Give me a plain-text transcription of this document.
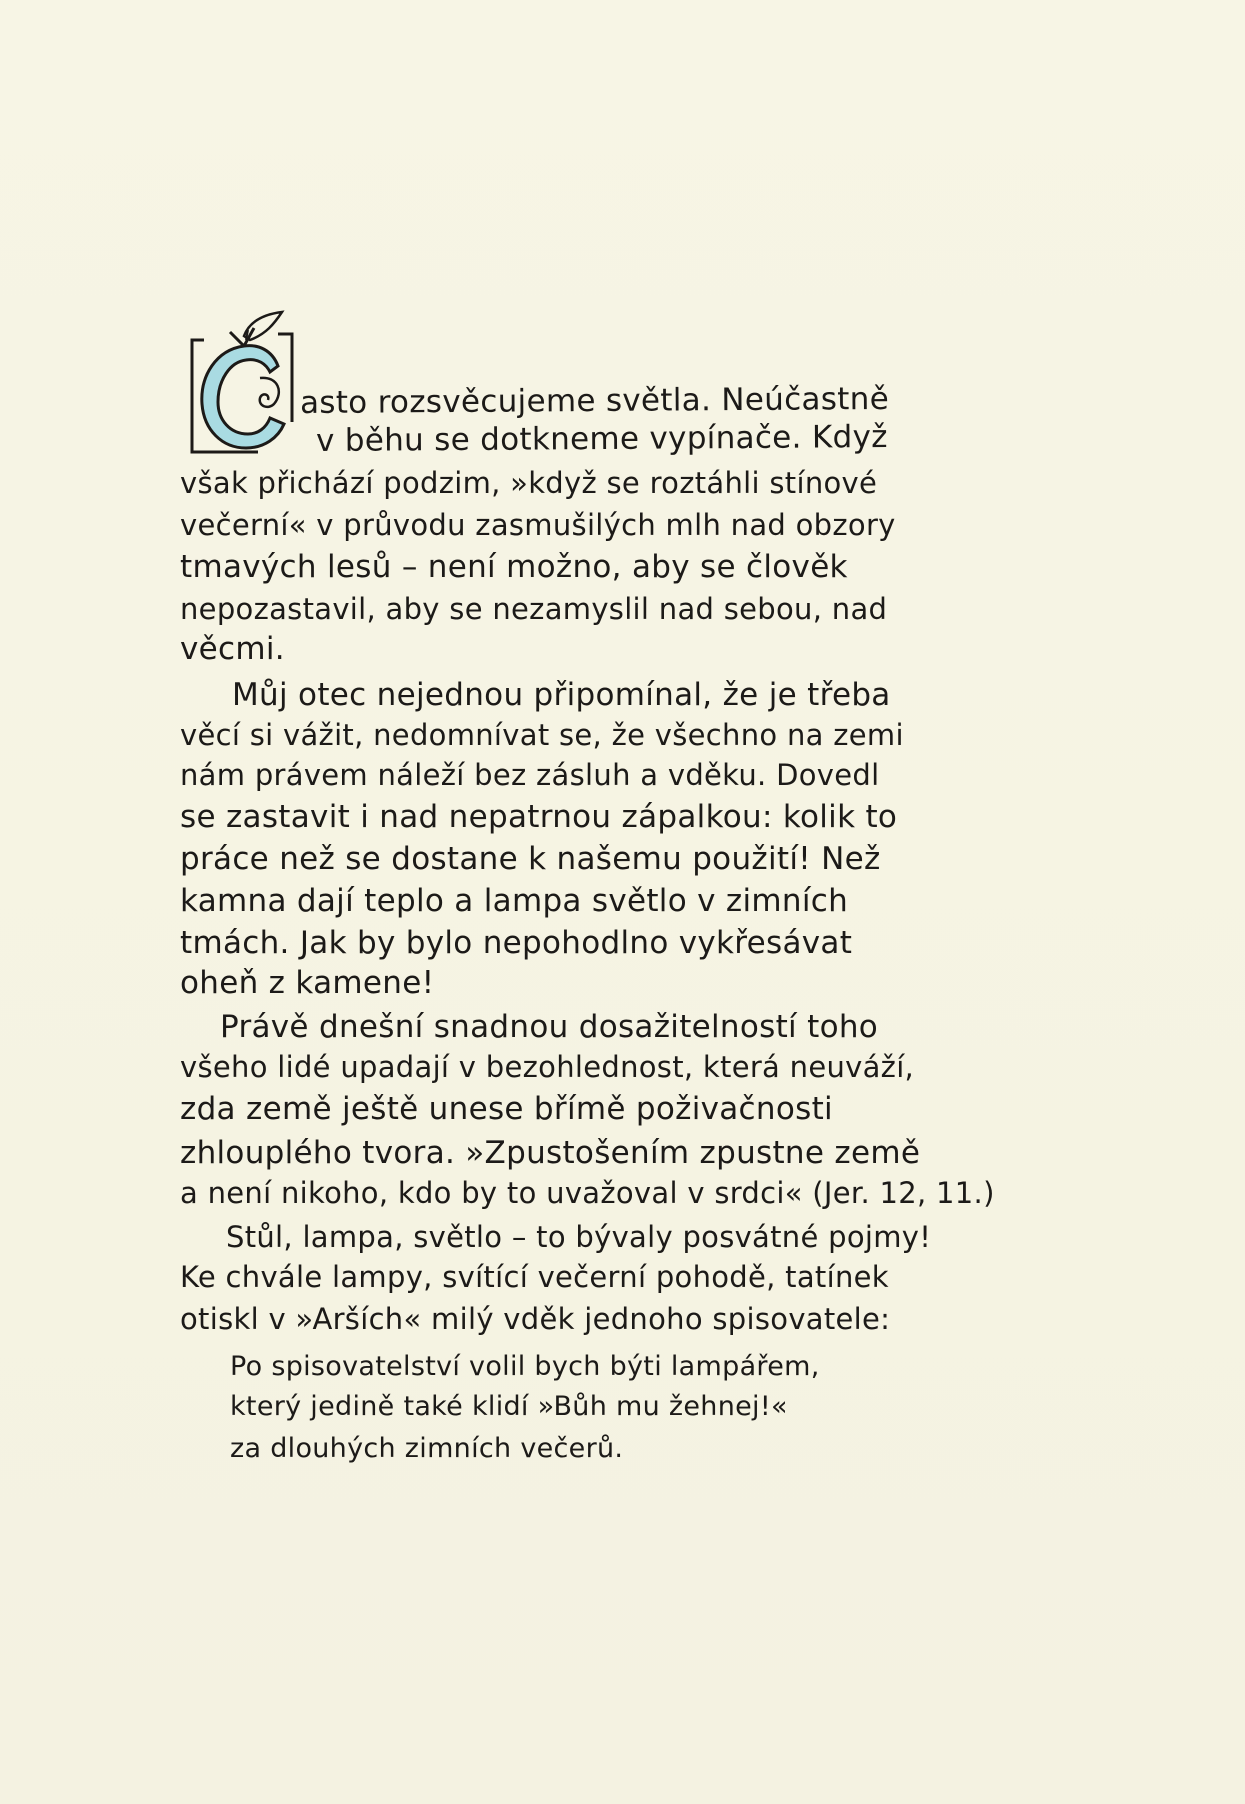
Č
asto rozsvěcujeme světla. Neúčastně
v běhu se dotkneme vypínače. Když
však přichází podzim, »když se roztáhli stínové
večerní« v průvodu zasmušilých mlh nad obzory
tmavých lesů – není možno, aby se člověk
nepozastavil, aby se nezamyslil nad sebou, nad
věcmi.
Můj otec nejednou připomínal, že je třeba
věcí si vážit, nedomnívat se, že všechno na zemi
nám právem náleží bez zásluh a vděku. Dovedl
se zastavit i nad nepatrnou zápalkou: kolik to
práce než se dostane k našemu použití! Než
kamna dají teplo a lampa světlo v zimních
tmách. Jak by bylo nepohodlno vykřesávat
oheň z kamene!
Právě dnešní snadnou dosažitelností toho
všeho lidé upadají v bezohlednost, která neuváží,
zda země ještě unese břímě poživačnosti
zhlouplého tvora. »Zpustošením zpustne země
a není nikoho, kdo by to uvažoval v srdci« (Jer. 12, 11.)
Stůl, lampa, světlo – to bývaly posvátné pojmy!
Ke chvále lampy, svítící večerní pohodě, tatínek
otiskl v »Arších« milý vděk jednoho spisovatele:
Po spisovatelství volil bych býti lampářem,
který jedině také klidí »Bůh mu žehnej!«
za dlouhých zimních večerů.
